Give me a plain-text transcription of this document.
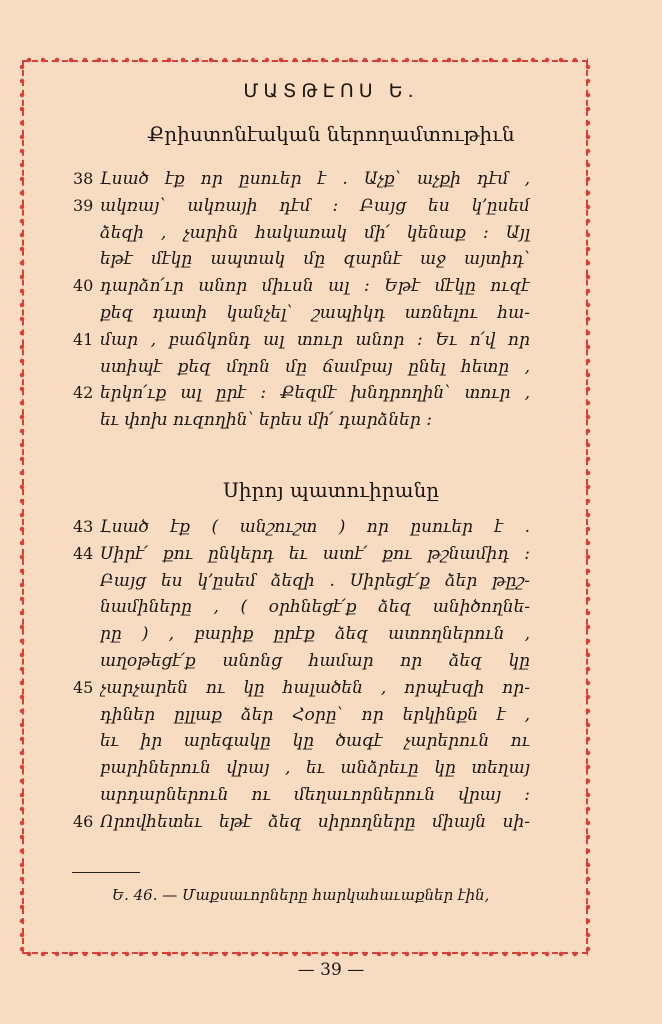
ՄԱՏԹԷՈՍ Ե.
Քրիստոնէական ներողամտութիւն
Լսած էք որ ըսուեր է . Աչք՝ աչքի դէմ ,
ակռայ՝ ակռայի դէմ ։ Բայց ես կ՚ըսեմ
ձեզի , չարին հակառակ մի՛ կենաք ։ Այլ
եթէ մէկը ապտակ մը զարնէ աջ այտիդ՝
դարձո՛ւր անոր միւսն ալ ։ Եթէ մէկը ուզէ
քեզ դատի կանչել՝ շապիկդ առնելու հա-
մար , բաճկոնդ ալ տուր անոր ։ Եւ ո՛վ որ
ստիպէ քեզ մղոն մը ճամբայ ընել հետը ,
երկո՛ւք ալ ըրէ ։ Քեզմէ խնդրողին՝ տուր ,
եւ փոխ ուզողին՝ երես մի՛ դարձներ ։
38
39
40
41
42
Սիրոյ պատուիրանը
Լսած էք ( անշուշտ ) որ ըսուեր է .
Սիրէ՛ քու ընկերդ եւ ատէ՛ քու թշնամիդ ։
Բայց ես կ՚ըսեմ ձեզի . Սիրեցէ՛ք ձեր թըշ-
նամիները , ( օրհնեցէ՛ք ձեզ անիծողնե-
րը ) , բարիք ըրէք ձեզ ատողներուն ,
աղօթեցէ՛ք անոնց համար որ ձեզ կը
չարչարեն ու կը հալածեն , որպէսզի որ-
դիներ ըլլաք ձեր Հօրը՝ որ երկինքն է ,
եւ իր արեգակը կը ծագէ չարերուն ու
բարիներուն վրայ , եւ անձրեւը կը տեղայ
արդարներուն ու մեղաւորներուն վրայ ։
Որովհետեւ եթէ ձեզ սիրողները միայն սի-
43
44
45
46
Ե. 46. — Մաքսաւորները հարկահաւաքներ էին,
— 39 —
